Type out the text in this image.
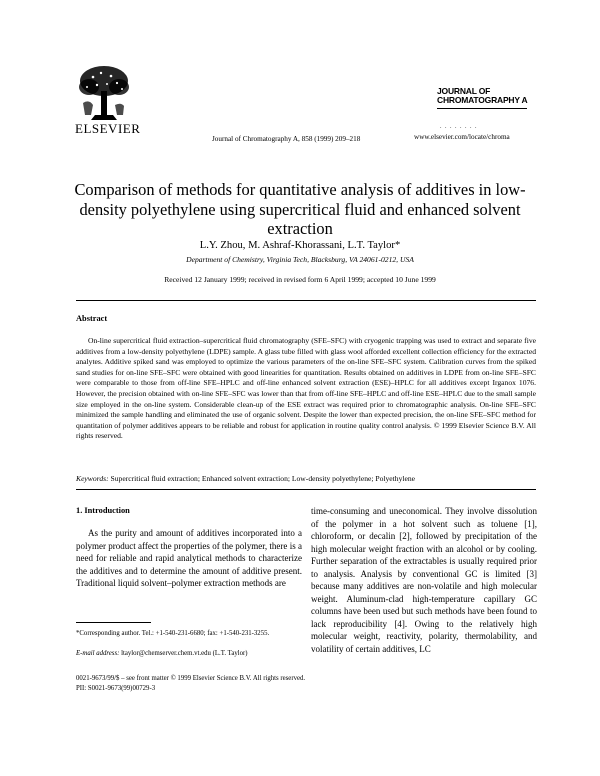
ELSEVIER
Journal of Chromatography A, 858 (1999) 209–218
JOURNAL OF
CHROMATOGRAPHY A
. . . . . . . .
www.elsevier.com/locate/chroma
Comparison of methods for quantitative analysis of additives in low-density polyethylene using supercritical fluid and enhanced solvent extraction
L.Y. Zhou, M. Ashraf-Khorassani, L.T. Taylor*
Department of Chemistry, Virginia Tech, Blacksburg, VA 24061-0212, USA
Received 12 January 1999; received in revised form 6 April 1999; accepted 10 June 1999
Abstract
On-line supercritical fluid extraction–supercritical fluid chromatography (SFE–SFC) with cryogenic trapping was used to extract and separate five additives from a low-density polyethylene (LDPE) sample. A glass tube filled with glass wool afforded excellent collection efficiency for the extracted analytes. Additive spiked sand was employed to optimize the various parameters of the on-line SFE–SFC system. Calibration curves from the spiked sand studies for on-line SFE–SFC were obtained with good linearities for quantitation. Results obtained on additives in LDPE from on-line SFE–SFC were comparable to those from off-line SFE–HPLC and off-line enhanced solvent extraction (ESE)–HPLC for all additives except Irganox 1076. However, the precision obtained with on-line SFE–SFC was lower than that from off-line SFE–HPLC and off-line ESE–HPLC due to the small sample size employed in the on-line system. Considerable clean-up of the ESE extract was required prior to chromatographic analysis. On-line SFE–SFC minimized the sample handling and eliminated the use of organic solvent. Despite the lower than expected precision, the on-line SFE–SFC method for quantitation of polymer additives appears to be reliable and robust for application in routine quality control analysis. © 1999 Elsevier Science B.V. All rights reserved.
Keywords: Supercritical fluid extraction; Enhanced solvent extraction; Low-density polyethylene; Polyethylene
1. Introduction
As the purity and amount of additives incorporated into a polymer product affect the properties of the polymer, there is a need for reliable and rapid analytical methods to characterize the additives and to determine the amount of additive present. Traditional liquid solvent–polymer extraction methods are
time-consuming and uneconomical. They involve dissolution of the polymer in a hot solvent such as toluene [1], chloroform, or decalin [2], followed by precipitation of the high molecular weight fraction with an alcohol or by cooling. Further separation of the extractables is usually required prior to analysis. Analysis by conventional GC is limited [3] because many additives are non-volatile and high molecular weight. Aluminum-clad high-temperature capillary GC columns have been used but such methods have been found to lack reproducibility [4]. Owing to the relatively high molecular weight, reactivity, polarity, thermolability, and volatility of certain additives, LC
*Corresponding author. Tel.: +1-540-231-6680; fax: +1-540-231-3255.
E-mail address: ltaylor@chemserver.chem.vt.edu (L.T. Taylor)
0021-9673/99/$ – see front matter © 1999 Elsevier Science B.V. All rights reserved.
PII: S0021-9673(99)00729-3
